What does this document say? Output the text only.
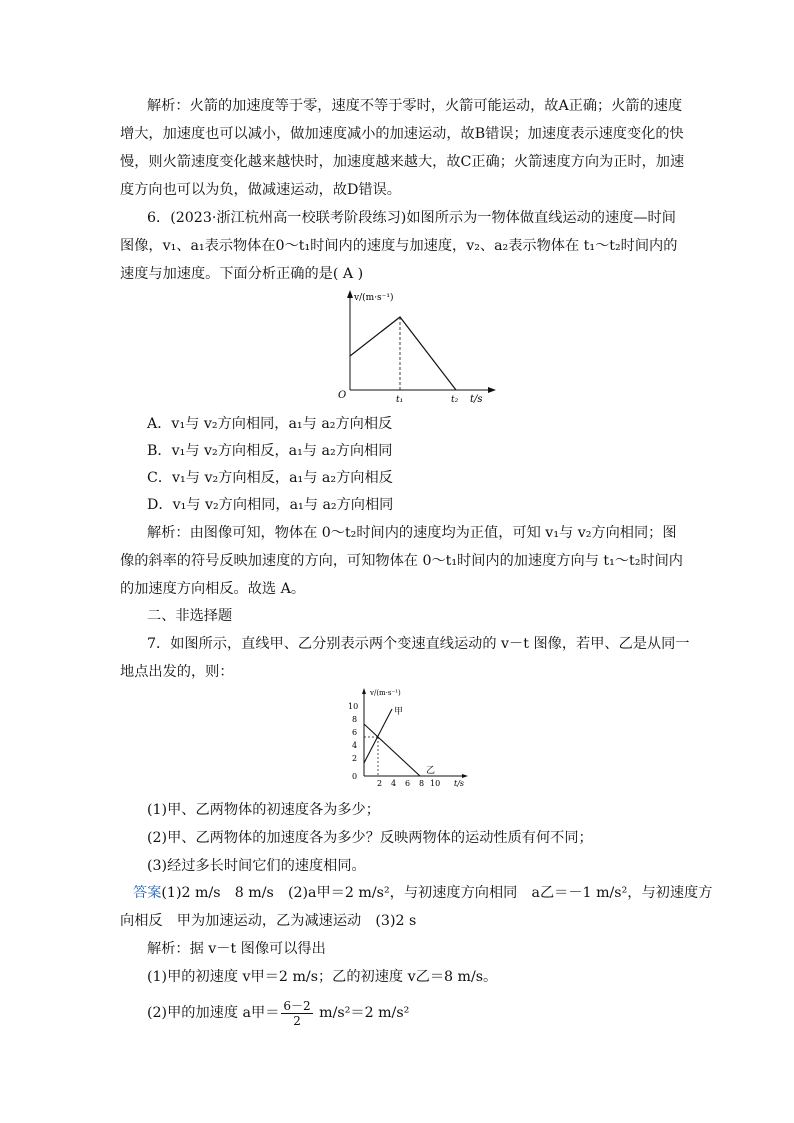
解析：火箭的加速度等于零，速度不等于零时，火箭可能运动，故A正确；火箭的速度
增大，加速度也可以减小，做加速度减小的加速运动，故B错误；加速度表示速度变化的快
慢，则火箭速度变化越来越快时，加速度越来越大，故C正确；火箭速度方向为正时，加速
度方向也可以为负，做减速运动，故D错误。
6．(2023·浙江杭州高一校联考阶段练习)如图所示为一物体做直线运动的速度—时间
图像，v₁、a₁表示物体在0～t₁时间内的速度与加速度，v₂、a₂表示物体在 t₁～t₂时间内的
速度与加速度。下面分析正确的是( A )
v/(m·s⁻¹)
O	t₁	t₂ t/s
A．v₁与 v₂方向相同，a₁与 a₂方向相反
B．v₁与 v₂方向相反，a₁与 a₂方向相同
C．v₁与 v₂方向相反，a₁与 a₂方向相反
D．v₁与 v₂方向相同，a₁与 a₂方向相同
解析：由图像可知，物体在 0～t₂时间内的速度均为正值，可知 v₁与 v₂方向相同；图
像的斜率的符号反映加速度的方向，可知物体在 0～t₁时间内的加速度方向与 t₁～t₂时间内
的加速度方向相反。故选 A。
二、非选择题
7．如图所示，直线甲、乙分别表示两个变速直线运动的 v－t 图像，若甲、乙是从同一
地点出发的，则：
10
8
6
4
2
0
2 4 6 8 10
v/(m·s⁻¹)
甲
乙
t/s
(1)甲、乙两物体的初速度各为多少；
(2)甲、乙两物体的加速度各为多少？反映两物体的运动性质有何不同；
(3)经过多长时间它们的速度相同。
答案(1)2 m/s　8 m/s　(2)a甲＝2 m/s²，与初速度方向相同　a乙＝－1 m/s²，与初速度方
向相反　甲为加速运动，乙为减速运动　(3)2 s
解析：据 v－t 图像可以得出
(1)甲的初速度 v甲＝2 m/s；乙的初速度 v乙＝8 m/s。
(2)甲的加速度 a甲＝ $\frac{6-2}{2} m/s^2=2$ m/s²
